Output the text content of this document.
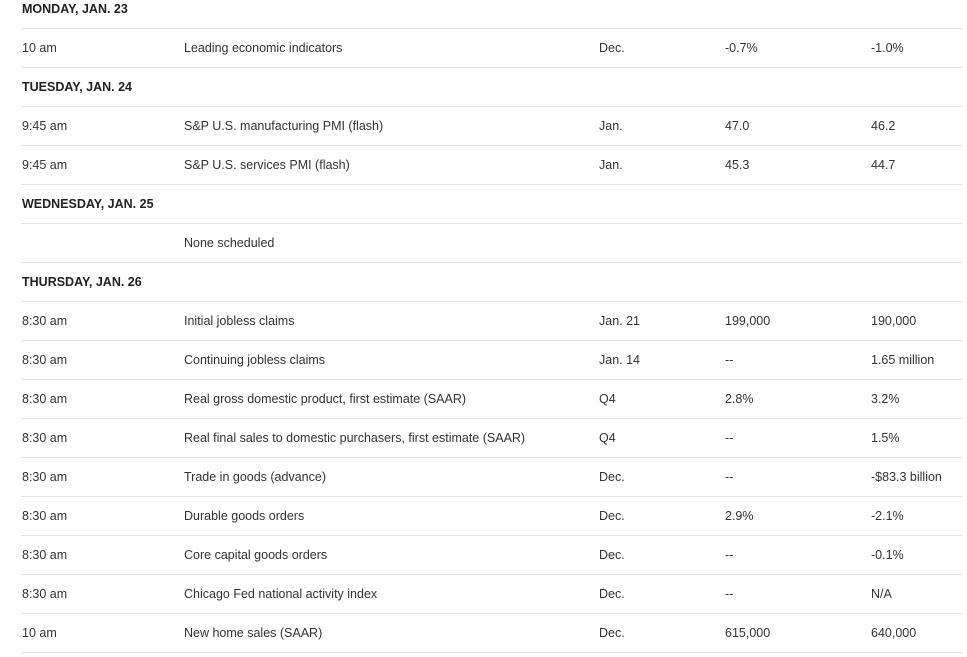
MONDAY, JAN. 23
10 am	Leading economic indicators	Dec.	-0.7%	-1.0%
TUESDAY, JAN. 24
9:45 am	S&P U.S. manufacturing PMI (flash)	Jan.	47.0	46.2
9:45 am	S&P U.S. services PMI (flash)	Jan.	45.3	44.7
WEDNESDAY, JAN. 25
None scheduled
THURSDAY, JAN. 26
8:30 am	Initial jobless claims	Jan. 21	199,000	190,000
8:30 am	Continuing jobless claims	Jan. 14	--	1.65 million
8:30 am	Real gross domestic product, first estimate (SAAR)	Q4	2.8%	3.2%
8:30 am	Real final sales to domestic purchasers, first estimate (SAAR)	Q4	--	1.5%
8:30 am	Trade in goods (advance)	Dec.	--	-$83.3 billion
8:30 am	Durable goods orders	Dec.	2.9%	-2.1%
8:30 am	Core capital goods orders	Dec.	--	-0.1%
8:30 am	Chicago Fed national activity index	Dec.	--	N/A
10 am	New home sales (SAAR)	Dec.	615,000	640,000
